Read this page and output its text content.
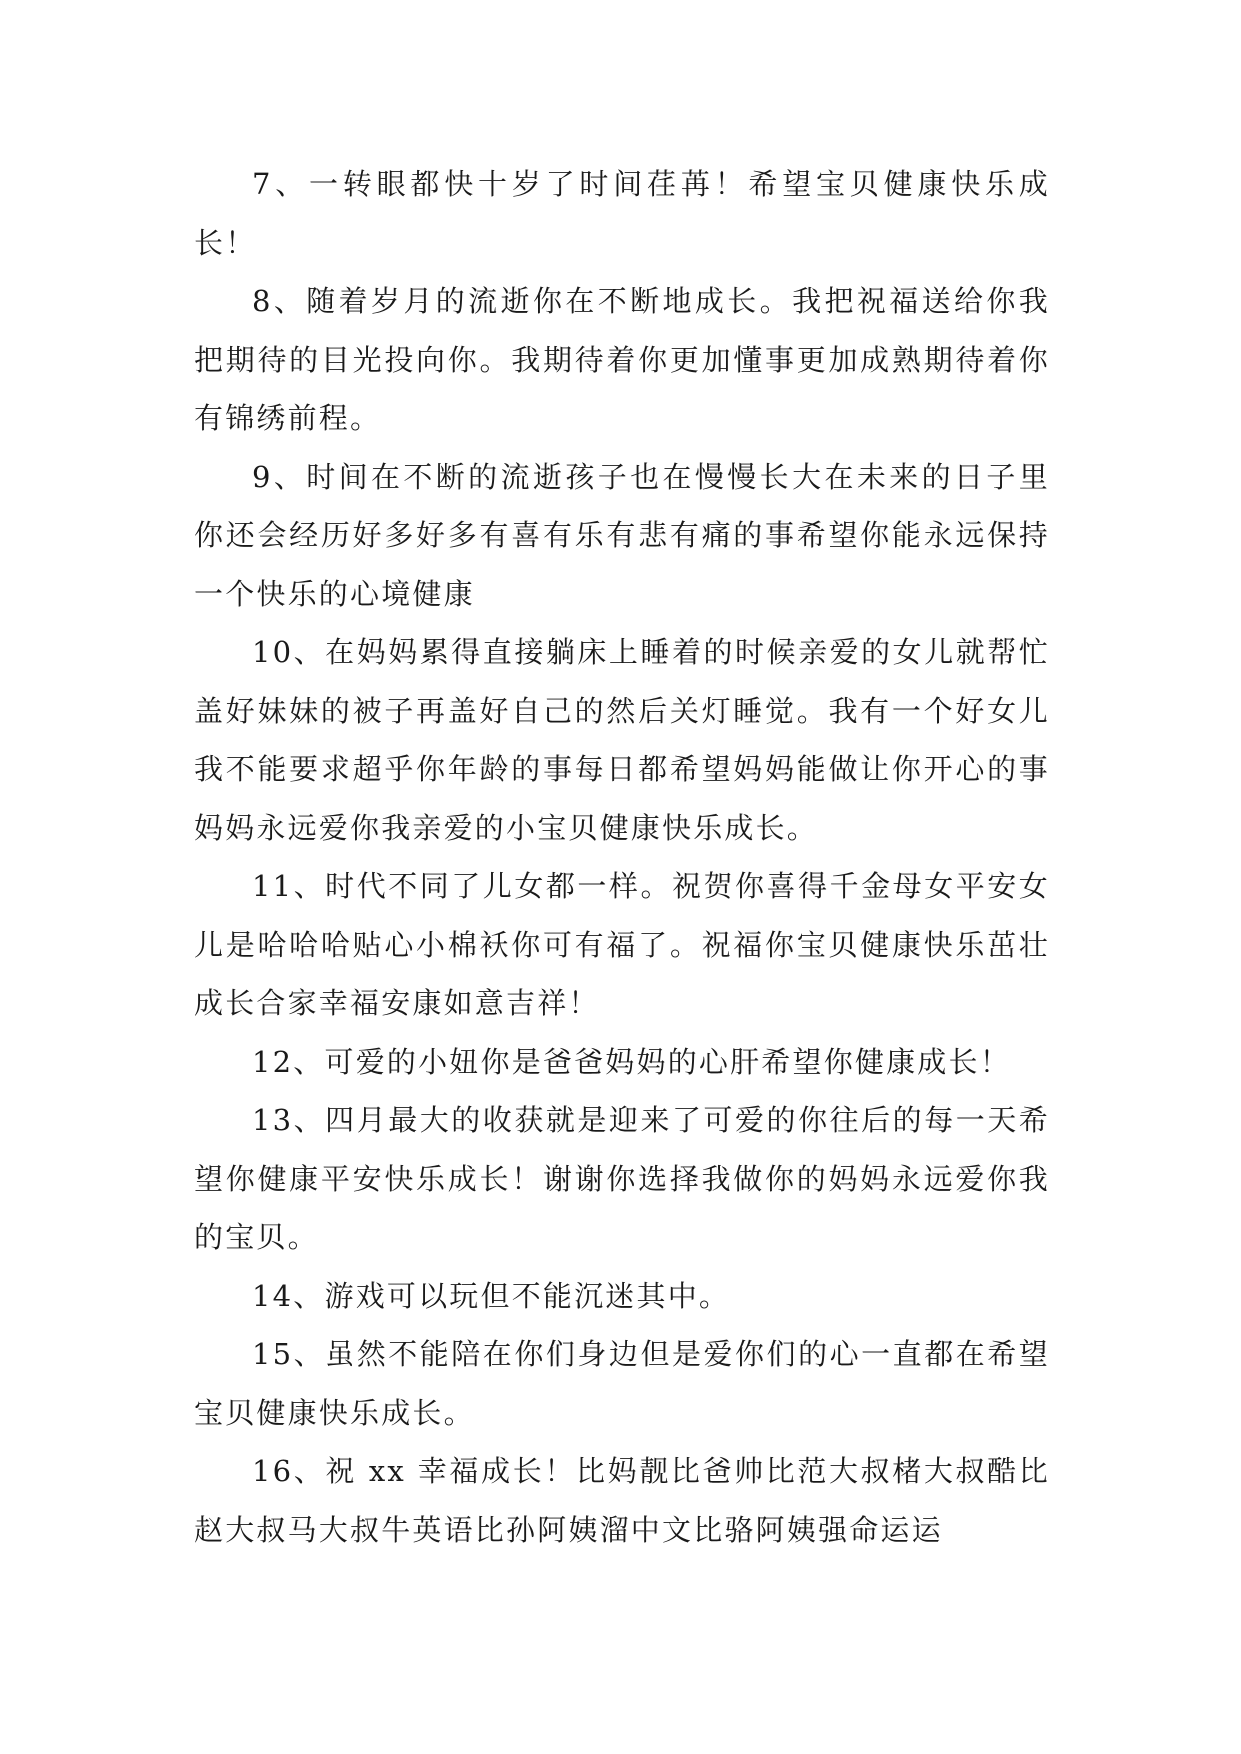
7、一转眼都快十岁了时间荏苒！希望宝贝健康快乐成长！

8、随着岁月的流逝你在不断地成长。我把祝福送给你我把期待的目光投向你。我期待着你更加懂事更加成熟期待着你有锦绣前程。

9、时间在不断的流逝孩子也在慢慢长大在未来的日子里你还会经历好多好多有喜有乐有悲有痛的事希望你能永远保持一个快乐的心境健康

10、在妈妈累得直接躺床上睡着的时候亲爱的女儿就帮忙盖好妹妹的被子再盖好自己的然后关灯睡觉。我有一个好女儿我不能要求超乎你年龄的事每日都希望妈妈能做让你开心的事妈妈永远爱你我亲爱的小宝贝健康快乐成长。

11、时代不同了儿女都一样。祝贺你喜得千金母女平安女儿是哈哈哈贴心小棉袄你可有福了。祝福你宝贝健康快乐茁壮成长合家幸福安康如意吉祥！

12、可爱的小妞你是爸爸妈妈的心肝希望你健康成长！

13、四月最大的收获就是迎来了可爱的你往后的每一天希望你健康平安快乐成长！谢谢你选择我做你的妈妈永远爱你我的宝贝。

14、游戏可以玩但不能沉迷其中。

15、虽然不能陪在你们身边但是爱你们的心一直都在希望宝贝健康快乐成长。

16、祝 xx 幸福成长！比妈靓比爸帅比范大叔楮大叔酷比赵大叔马大叔牛英语比孙阿姨溜中文比骆阿姨强命运运
